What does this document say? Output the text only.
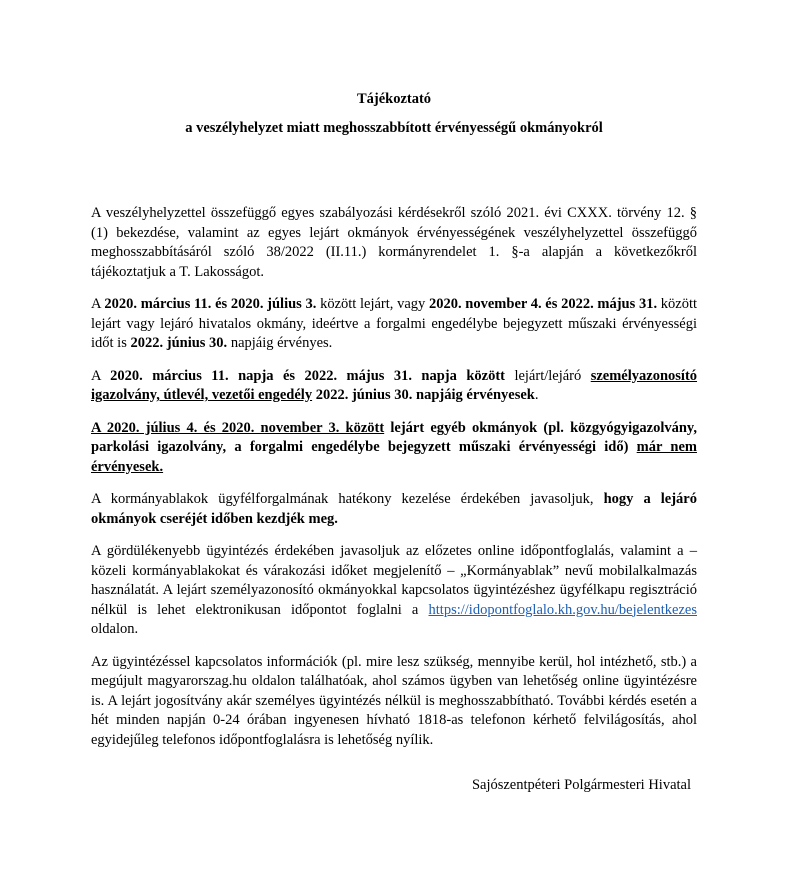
Tájékoztató
a veszélyhelyzet miatt meghosszabbított érvényességű okmányokról

A veszélyhelyzettel összefüggő egyes szabályozási kérdésekről szóló 2021. évi CXXX. törvény 12. § (1) bekezdése, valamint az egyes lejárt okmányok érvényességének veszélyhelyzettel összefüggő meghosszabbításáról szóló 38/2022 (II.11.) kormányrendelet 1. §-a alapján a következőkről tájékoztatjuk a T. Lakosságot.

A 2020. március 11. és 2020. július 3. között lejárt, vagy 2020. november 4. és 2022. május 31. között lejárt vagy lejáró hivatalos okmány, ideértve a forgalmi engedélybe bejegyzett műszaki érvényességi időt is 2022. június 30. napjáig érvényes.

A 2020. március 11. napja és 2022. május 31. napja között lejárt/lejáró személyazonosító igazolvány, útlevél, vezetői engedély 2022. június 30. napjáig érvényesek.

A 2020. július 4. és 2020. november 3. között lejárt egyéb okmányok (pl. közgyógyigazolvány, parkolási igazolvány, a forgalmi engedélybe bejegyzett műszaki érvényességi idő) már nem érvényesek.

A kormányablakok ügyfélforgalmának hatékony kezelése érdekében javasoljuk, hogy a lejáró okmányok cseréjét időben kezdjék meg.

A gördülékenyebb ügyintézés érdekében javasoljuk az előzetes online időpontfoglalás, valamint a – közeli kormányablakokat és várakozási időket megjelenítő – „Kormányablak” nevű mobilalkalmazás használatát. A lejárt személyazonosító okmányokkal kapcsolatos ügyintézéshez ügyfélkapu regisztráció nélkül is lehet elektronikusan időpontot foglalni a https://idopontfoglalo.kh.gov.hu/bejelentkezes oldalon.

Az ügyintézéssel kapcsolatos információk (pl. mire lesz szükség, mennyibe kerül, hol intézhető, stb.) a megújult magyarorszag.hu oldalon találhatóak, ahol számos ügyben van lehetőség online ügyintézésre is. A lejárt jogosítvány akár személyes ügyintézés nélkül is meghosszabbítható. További kérdés esetén a hét minden napján 0-24 órában ingyenesen hívható 1818-as telefonon kérhető felvilágosítás, ahol egyidejűleg telefonos időpontfoglalásra is lehetőség nyílik.

Sajószentpéteri Polgármesteri Hivatal
